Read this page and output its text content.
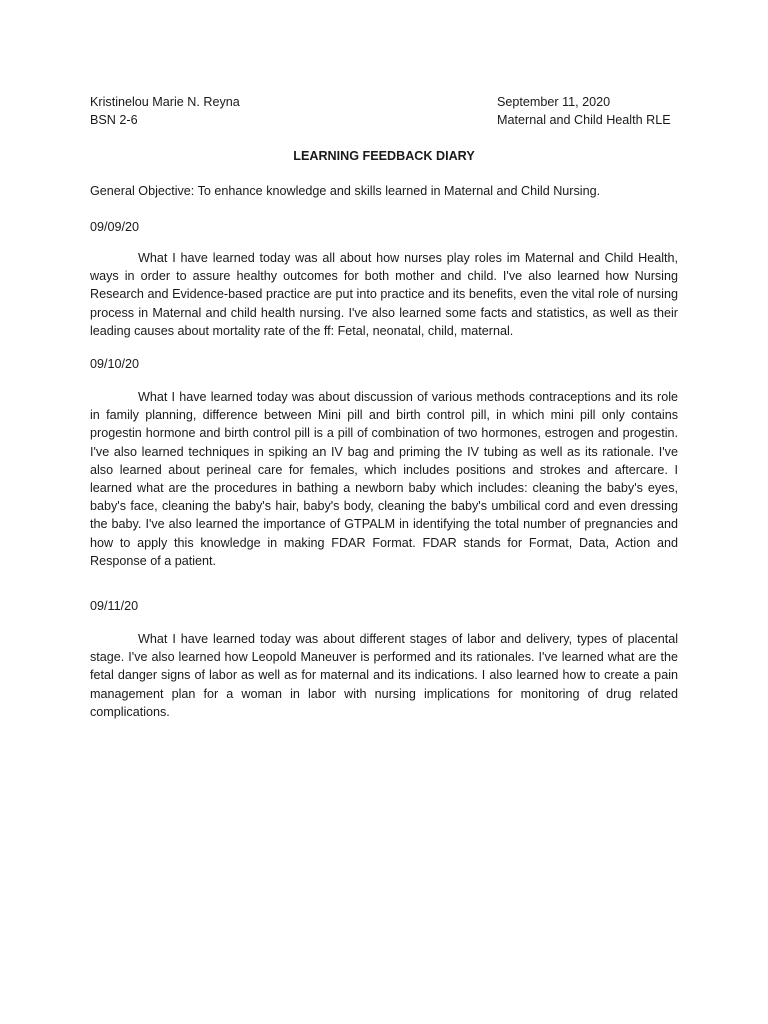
Kristinelou Marie N. Reyna
BSN 2-6
September 11, 2020
Maternal and Child Health RLE
LEARNING FEEDBACK DIARY

General Objective: To enhance knowledge and skills learned in Maternal and Child Nursing.

09/09/20

What I have learned today was all about how nurses play roles im Maternal and Child Health, ways in order to assure healthy outcomes for both mother and child. I've also learned how Nursing Research and Evidence-based practice are put into practice and its benefits, even the vital role of nursing process in Maternal and child health nursing. I've also learned some facts and statistics, as well as their leading causes about mortality rate of the ff: Fetal, neonatal, child, maternal.

09/10/20

What I have learned today was about discussion of various methods contraceptions and its role in family planning, difference between Mini pill and birth control pill, in which mini pill only contains progestin hormone and birth control pill is a pill of combination of two hormones, estrogen and progestin. I've also learned techniques in spiking an IV bag and priming the IV tubing as well as its rationale. I've also learned about perineal care for females, which includes positions and strokes and aftercare. I learned what are the procedures in bathing a newborn baby which includes: cleaning the baby's eyes, baby's face, cleaning the baby's hair, baby's body, cleaning the baby's umbilical cord and even dressing the baby. I've also learned the importance of GTPALM in identifying the total number of pregnancies and how to apply this knowledge in making FDAR Format. FDAR stands for Format, Data, Action and Response of a patient.

09/11/20

What I have learned today was about different stages of labor and delivery, types of placental stage. I've also learned how Leopold Maneuver is performed and its rationales. I've learned what are the fetal danger signs of labor as well as for maternal and its indications. I also learned how to create a pain management plan for a woman in labor with nursing implications for monitoring of drug related complications.
